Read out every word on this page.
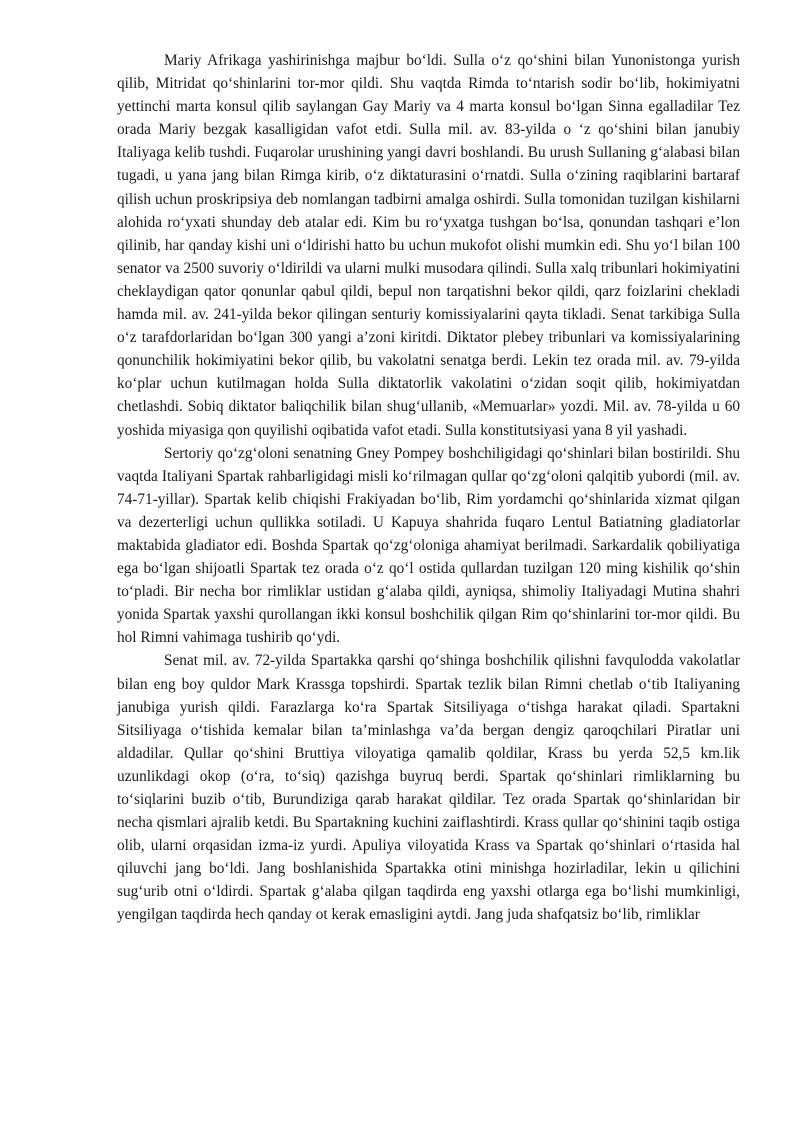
Mariy Afrikaga yashirinishga majbur bo‘ldi. Sulla o‘z qo‘shini bilan Yunonistonga yurish qilib, Mitridat qo‘shinlarini tor-mor qildi. Shu vaqtda Rimda to‘ntarish sodir bo‘lib, hokimiyatni yettinchi marta konsul qilib saylangan Gay Mariy va 4 marta konsul bo‘lgan Sinna egalladilar Tez orada Mariy bezgak kasalligidan vafot etdi. Sulla mil. av. 83-yilda o ‘z qo‘shini bilan janubiy Italiyaga kelib tushdi. Fuqarolar urushining yangi davri boshlandi. Bu urush Sullaning g‘alabasi bilan tugadi, u yana jang bilan Rimga kirib, o‘z diktaturasini o‘rnatdi. Sulla o‘zining raqiblarini bartaraf qilish uchun proskripsiya deb nomlangan tadbirni amalga oshirdi. Sulla tomonidan tuzilgan kishilarni alohida ro‘yxati shunday deb atalar edi. Kim bu ro‘yxatga tushgan bo‘lsa, qonundan tashqari e’lon qilinib, har qanday kishi uni o‘ldirishi hatto bu uchun mukofot olishi mumkin edi. Shu yo‘l bilan 100 senator va 2500 suvoriy o‘ldirildi va ularni mulki musodara qilindi. Sulla xalq tribunlari hokimiyatini cheklaydigan qator qonunlar qabul qildi, bepul non tarqatishni bekor qildi, qarz foizlarini chekladi hamda mil. av. 241-yilda bekor qilingan senturiy komissiyalarini qayta tikladi. Senat tarkibiga Sulla o‘z tarafdorlaridan bo‘lgan 300 yangi a’zoni kiritdi. Diktator plebey tribunlari va komissiyalarining qonunchilik hokimiyatini bekor qilib, bu vakolatni senatga berdi. Lekin tez orada mil. av. 79-yilda ko‘plar uchun kutilmagan holda Sulla diktatorlik vakolatini o‘zidan soqit qilib, hokimiyatdan chetlashdi. Sobiq diktator baliqchilik bilan shug‘ullanib, «Memuarlar» yozdi. Mil. av. 78-yilda u 60 yoshida miyasiga qon quyilishi oqibatida vafot etadi. Sulla konstitutsiyasi yana 8 yil yashadi.

Sertoriy qo‘zg‘oloni senatning Gney Pompey boshchiligidagi qo‘shinlari bilan bostirildi. Shu vaqtda Italiyani Spartak rahbarligidagi misli ko‘rilmagan qullar qo‘zg‘oloni qalqitib yubordi (mil. av. 74-71-yillar). Spartak kelib chiqishi Frakiyadan bo‘lib, Rim yordamchi qo‘shinlarida xizmat qilgan va dezerterligi uchun qullikka sotiladi. U Kapuya shahrida fuqaro Lentul Batiatning gladiatorlar maktabida gladiator edi. Boshda Spartak qo‘zg‘oloniga ahamiyat berilmadi. Sarkardalik qobiliyatiga ega bo‘lgan shijoatli Spartak tez orada o‘z qo‘l ostida qullardan tuzilgan 120 ming kishilik qo‘shin to‘pladi. Bir necha bor rimliklar ustidan g‘alaba qildi, ayniqsa, shimoliy Italiyadagi Mutina shahri yonida Spartak yaxshi qurollangan ikki konsul boshchilik qilgan Rim qo‘shinlarini tor-mor qildi. Bu hol Rimni vahimaga tushirib qo‘ydi.

Senat mil. av. 72-yilda Spartakka qarshi qo‘shinga boshchilik qilishni favqulodda vakolatlar bilan eng boy quldor Mark Krassga topshirdi. Spartak tezlik bilan Rimni chetlab o‘tib Italiyaning janubiga yurish qildi. Farazlarga ko‘ra Spartak Sitsiliyaga o‘tishga harakat qiladi. Spartakni Sitsiliyaga o‘tishida kemalar bilan ta’minlashga va’da bergan dengiz qaroqchilari Piratlar uni aldadilar. Qullar qo‘shini Bruttiya viloyatiga qamalib qoldilar, Krass bu yerda 52,5 km.lik uzunlikdagi okop (o‘ra, to‘siq) qazishga buyruq berdi. Spartak qo‘shinlari rimliklarning bu to‘siqlarini buzib o‘tib, Burundiziga qarab harakat qildilar. Tez orada Spartak qo‘shinlaridan bir necha qismlari ajralib ketdi. Bu Spartakning kuchini zaiflashtirdi. Krass qullar qo‘shinini taqib ostiga olib, ularni orqasidan izma-iz yurdi. Apuliya viloyatida Krass va Spartak qo‘shinlari o‘rtasida hal qiluvchi jang bo‘ldi. Jang boshlanishida Spartakka otini minishga hozirladilar, lekin u qilichini sug‘urib otni o‘ldirdi. Spartak g‘alaba qilgan taqdirda eng yaxshi otlarga ega bo‘lishi mumkinligi, yengilgan taqdirda hech qanday ot kerak emasligini aytdi. Jang juda shafqatsiz bo‘lib, rimliklar
